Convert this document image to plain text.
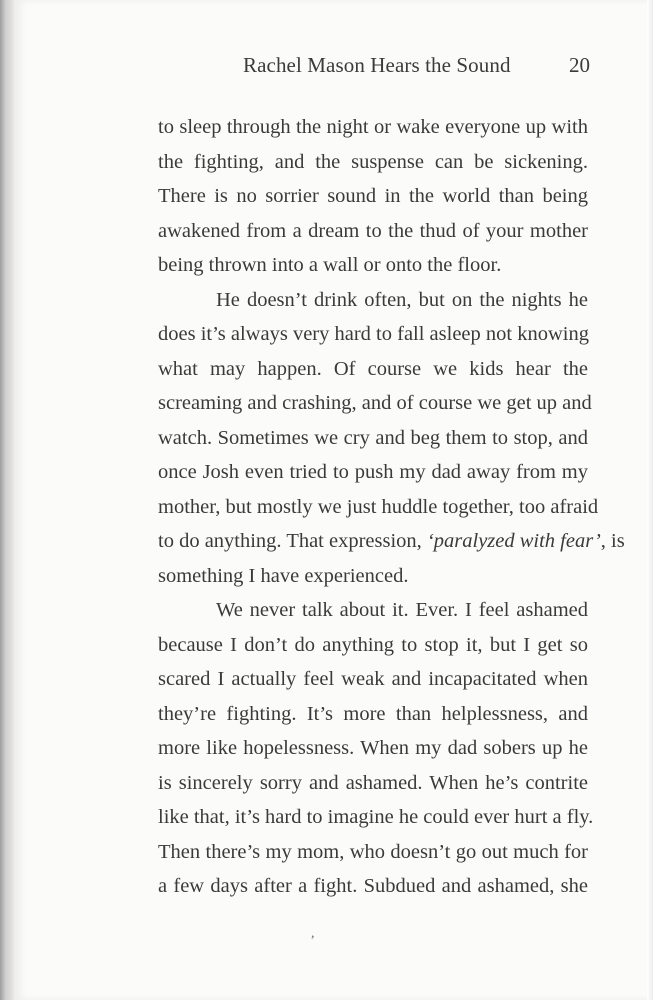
Rachel Mason Hears the Sound	20
to sleep through the night or wake everyone up with
the fighting, and the suspense can be sickening.
There is no sorrier sound in the world than being
awakened from a dream to the thud of your mother
being thrown into a wall or onto the floor.
He doesn’t drink often, but on the nights he
does it’s always very hard to fall asleep not knowing
what may happen. Of course we kids hear the
screaming and crashing, and of course we get up and
watch. Sometimes we cry and beg them to stop, and
once Josh even tried to push my dad away from my
mother, but mostly we just huddle together, too afraid
to do anything. That expression, ‘paralyzed with fear’, is
something I have experienced.
We never talk about it. Ever. I feel ashamed
because I don’t do anything to stop it, but I get so
scared I actually feel weak and incapacitated when
they’re fighting. It’s more than helplessness, and
more like hopelessness. When my dad sobers up he
is sincerely sorry and ashamed. When he’s contrite
like that, it’s hard to imagine he could ever hurt a fly.
Then there’s my mom, who doesn’t go out much for
a few days after a fight. Subdued and ashamed, she
,
